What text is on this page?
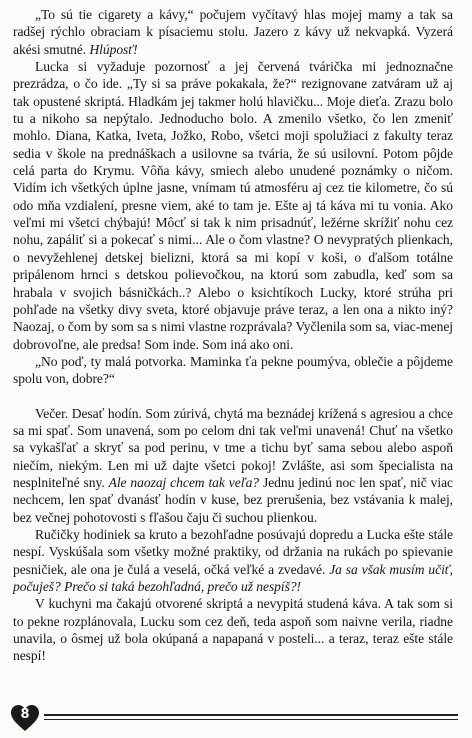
„To sú tie cigarety a kávy,“ počujem vyčítavý hlas mojej mamy a tak sa radšej rýchlo obraciam k písaciemu stolu. Jazero z kávy už nekvapká. Vyzerá akési smutné. Hlúposť!

Lucka si vyžaduje pozornosť a jej červená tvárička mi jednoznačne prezrádza, o čo ide. „Ty si sa práve pokakala, že?“ rezignovane zatváram už aj tak opustené skriptá. Hladkám jej takmer holú hlavičku... Moje dieťa. Zrazu bolo tu a nikoho sa nepýtalo. Jednoducho bolo. A zmenilo všetko, čo len zmeniť mohlo. Diana, Katka, Iveta, Jožko, Robo, všetci moji spolužiaci z fakulty teraz sedia v škole na prednáškach a usilovne sa tvária, že sú usilovní. Potom pôjde celá parta do Krymu. Vôňa kávy, smiech alebo unudené poznámky o ničom. Vidím ich všetkých úplne jasne, vnímam tú atmosféru aj cez tie kilometre, čo sú odo mňa vzdialení, presne viem, aké to tam je. Ešte aj tá káva mi tu vonia. Ako veľmi mi všetci chýbajú! Môcť si tak k nim prisadnúť, ležérne skrížiť nohu cez nohu, zapáliť si a pokecať s nimi... Ale o čom vlastne? O nevypratých plienkach, o nevyžehlenej detskej bielizni, ktorá sa mi kopí v koši, o ďalšom totálne pripálenom hrnci s detskou polievočkou, na ktorú som zabudla, keď som sa hrabala v svojich básničkách..? Alebo o ksichtíkoch Lucky, ktoré strúha pri pohľade na všetky divy sveta, ktoré objavuje práve teraz, a len ona a nikto iný? Naozaj, o čom by som sa s nimi vlastne rozprávala? Vyčlenila som sa, viac-menej dobrovoľne, ale predsa! Som inde. Som iná ako oni.

„No poď, ty malá potvorka. Maminka ťa pekne poumýva, oblečie a pôjdeme spolu von, dobre?“

Večer. Desať hodín. Som zúrivá, chytá ma beznádej krížená s agresiou a chce sa mi spať. Som unavená, som po celom dni tak veľmi unavená! Chuť na všetko sa vykašľať a skryť sa pod perinu, v tme a tichu byť sama sebou alebo aspoň niečím, niekým. Len mi už dajte všetci pokoj! Zvlášte, asi som špecialista na nesplniteľné sny. Ale naozaj chcem tak veľa? Jednu jedinú noc len spať, nič viac nechcem, len spať dvanásť hodín v kuse, bez prerušenia, bez vstávania k malej, bez večnej pohotovosti s fľašou čaju či suchou plienkou.

Ručičky hodiniek sa kruto a bezohľadne posúvajú dopredu a Lucka ešte stále nespí. Vyskúšala som všetky možné praktiky, od držania na rukách po spievanie pesničiek, ale ona je čulá a veselá, očká veľké a zvedavé. Ja sa však musím učiť, počuješ? Prečo si taká bezohľadná, prečo už nespíš?!

V kuchyni ma čakajú otvorené skriptá a nevypitá studená káva. A tak som si to pekne rozplánovala, Lucku som cez deň, teda aspoň som naivne verila, riadne unavila, o ôsmej už bola okúpaná a napapaná v posteli... a teraz, teraz ešte stále nespí!

8
